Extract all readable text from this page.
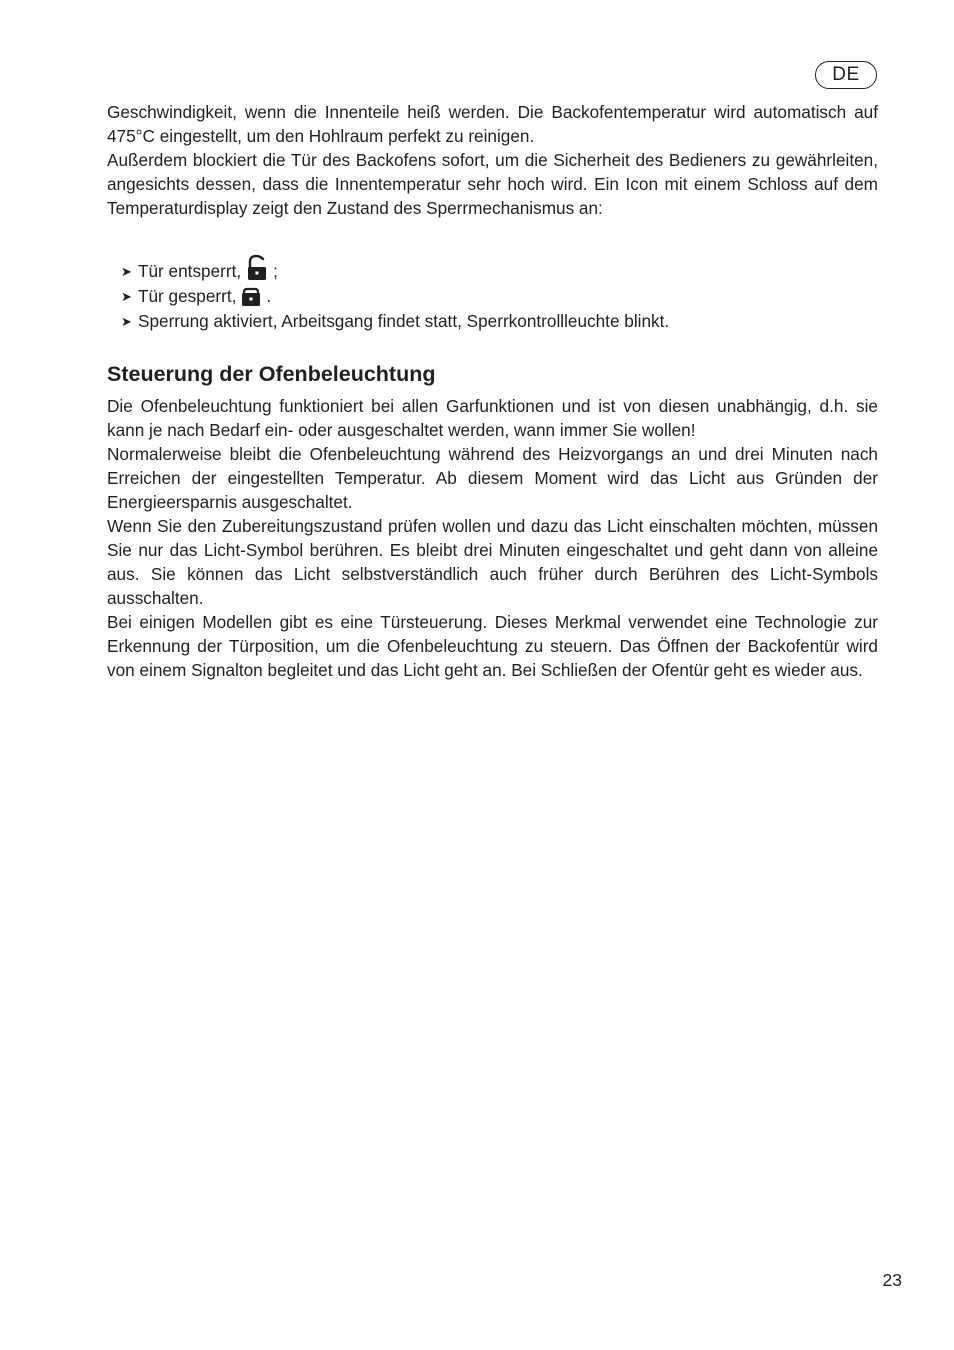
DE

Geschwindigkeit, wenn die Innenteile heiß werden. Die Backofentemperatur wird automatisch auf 475°C eingestellt, um den Hohlraum perfekt zu reinigen.

Außerdem blockiert die Tür des Backofens sofort, um die Sicherheit des Bedieners zu gewährleiten, angesichts dessen, dass die Innentemperatur sehr hoch wird. Ein Icon mit einem Schloss auf dem Temperaturdisplay zeigt den Zustand des Sperrmechanismus an:

➤ Tür entsperrt, ;
➤ Tür gesperrt, .
➤ Sperrung aktiviert, Arbeitsgang findet statt, Sperrkontrollleuchte blinkt.
Steuerung der Ofenbeleuchtung

Die Ofenbeleuchtung funktioniert bei allen Garfunktionen und ist von diesen unabhängig, d.h. sie kann je nach Bedarf ein- oder ausgeschaltet werden, wann immer Sie wollen!

Normalerweise bleibt die Ofenbeleuchtung während des Heizvorgangs an und drei Minuten nach Erreichen der eingestellten Temperatur. Ab diesem Moment wird das Licht aus Gründen der Energieersparnis ausgeschaltet.

Wenn Sie den Zubereitungszustand prüfen wollen und dazu das Licht einschalten möchten, müssen Sie nur das Licht-Symbol berühren. Es bleibt drei Minuten eingeschaltet und geht dann von alleine aus. Sie können das Licht selbstverständlich auch früher durch Berühren des Licht-Symbols ausschalten.

Bei einigen Modellen gibt es eine Türsteuerung. Dieses Merkmal verwendet eine Technologie zur Erkennung der Türposition, um die Ofenbeleuchtung zu steuern. Das Öffnen der Backofentür wird von einem Signalton begleitet und das Licht geht an. Bei Schließen der Ofentür geht es wieder aus.

23
